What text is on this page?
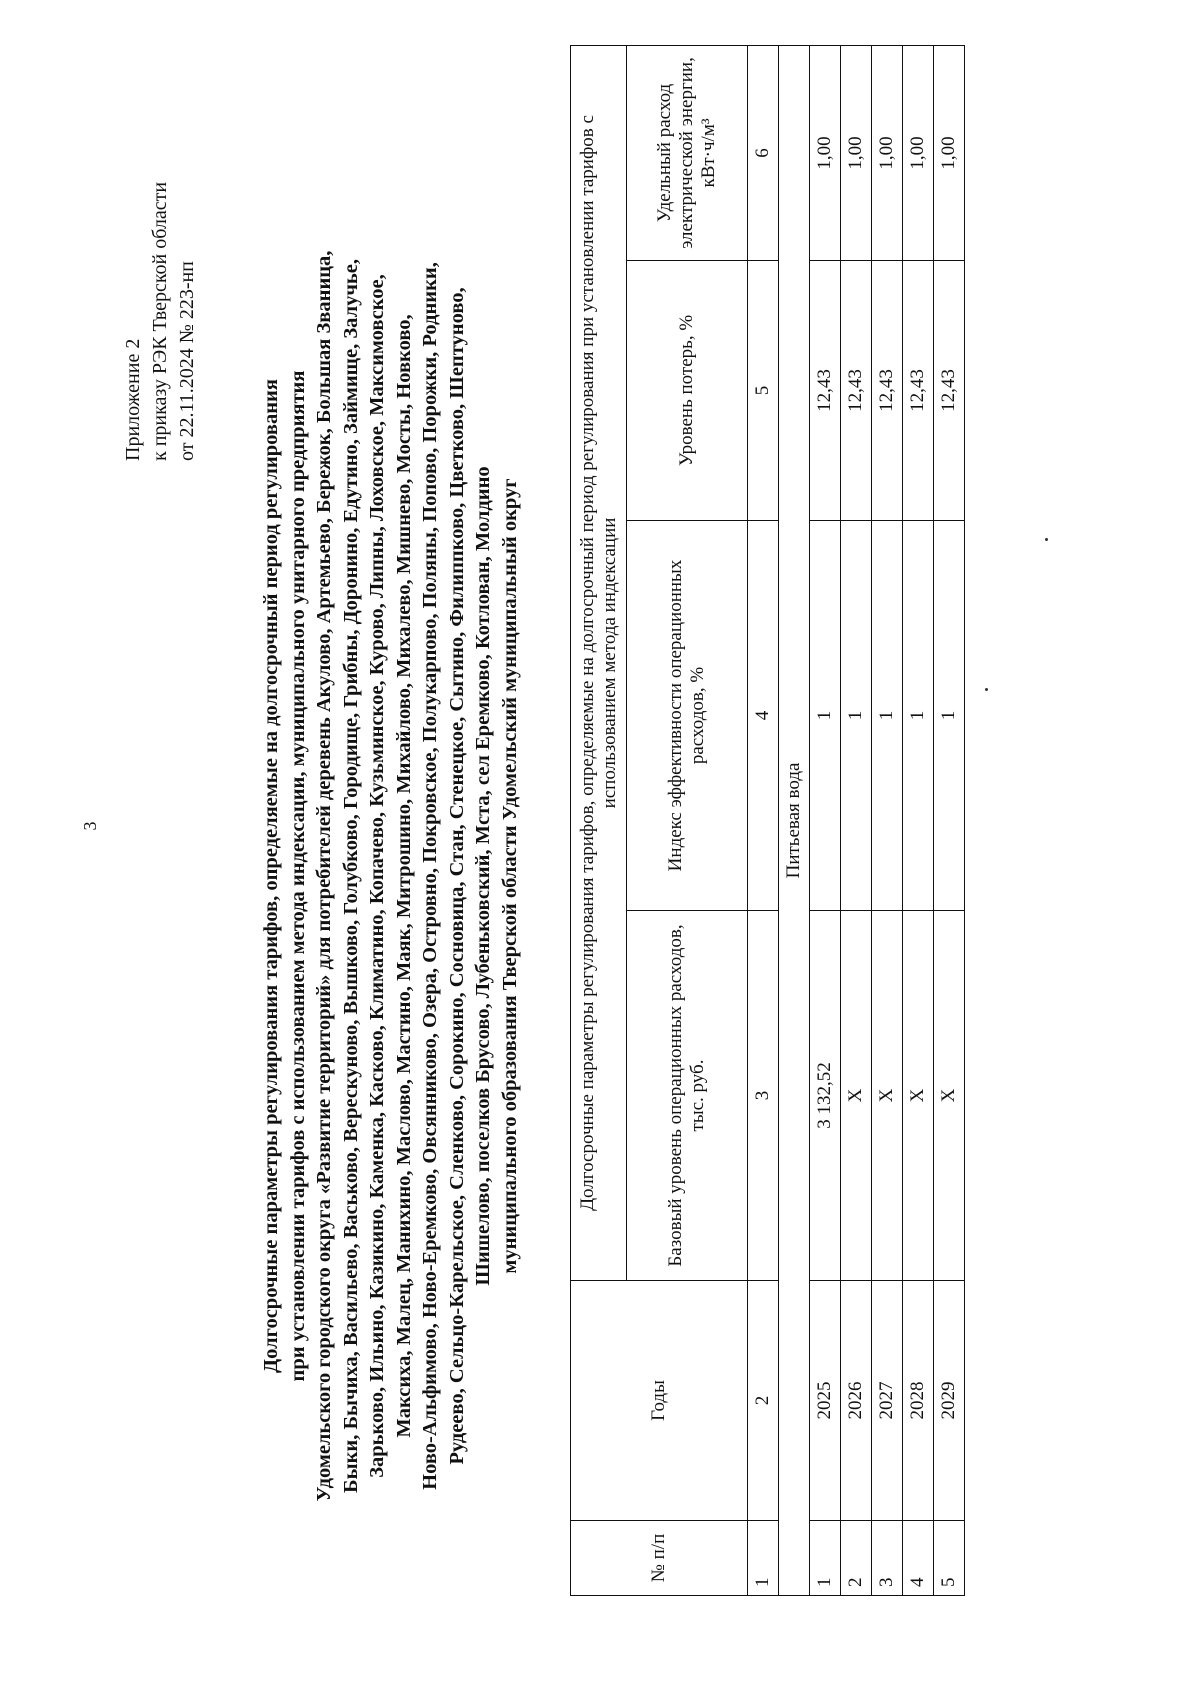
3
Приложение 2 к приказу РЭК Тверской области от 22.11.2024 № 223-нп
Долгосрочные параметры регулирования тарифов, определяемые на долгосрочный период регулирования при установлении тарифов с использованием метода индексации, муниципального унитарного предприятия Удомельского городского округа «Развитие территорий» для потребителей деревень Акулово, Артемьево, Бережок, Большая Званица, Быки, Бычиха, Васильево, Васьково, Верескуново, Вышково, Голубково, Городище, Грибны, Доронино, Едутино, Займище, Залучье, Зарьково, Ильино, Казикино, Каменка, Касково, Климатино, Копачево, Кузьминское, Курово, Липны, Лоховское, Максимовское, Максиха, Малец, Манихино, Маслово, Мастино, Маяк, Митрошино, Михайлово, Михалево, Мишнево, Мосты, Новково, Ново-Альфимово, Ново-Еремково, Овсянниково, Озера, Островно, Покровское, Полукарпово, Поляны, Попово, Порожки, Родники, Рудеево, Сельцо-Карельское, Сленково, Сорокино, Сосновица, Стан, Стенецкое, Сытино, Филиппково, Цветково, Шептуново, Шишелово, поселков Брусово, Лубеньковский, Мста, сел Еремково, Котлован, Молдино муниципального образования Тверской области Удомельский муниципальный округ
№ п/п	Годы	Долгосрочные параметры регулирования тарифов, определяемые на долгосрочный период регулирования при установлении тарифов с использованием метода индексации			
		Базовый уровень операционных расходов, тыс. руб.	Индекс эффективности операционных расходов, %	Уровень потерь, %	Удельный расход электрической энергии, кВт·ч/м³
1	2	3	4	5	6
Питьевая вода					
1	2025	3 132,52	1	12,43	1,00
2	2026	Х	1	12,43	1,00
3	2027	Х	1	12,43	1,00
4	2028	Х	1	12,43	1,00
5	2029	Х	1	12,43	1,00
